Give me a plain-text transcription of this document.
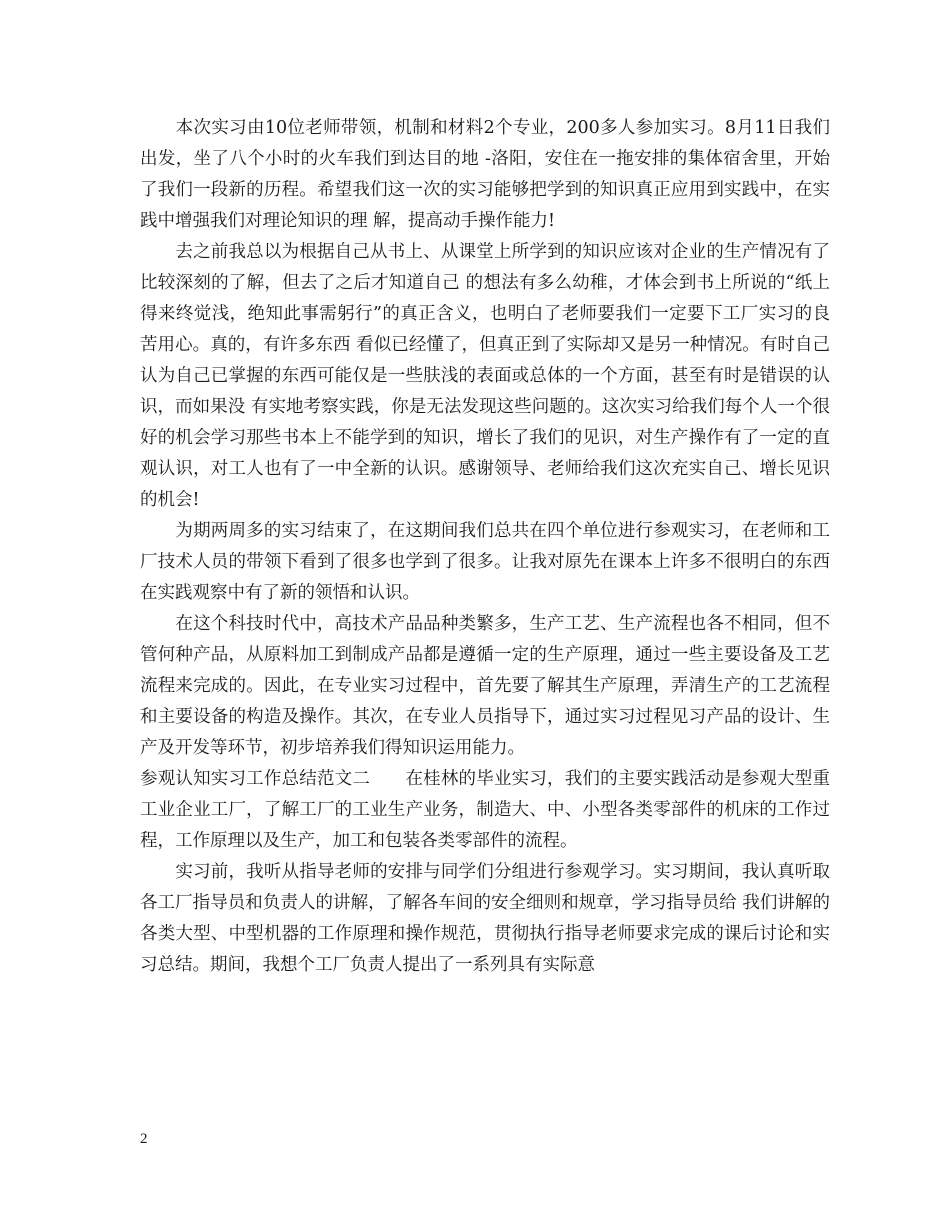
　　本次实习由10位老师带领，机制和材料2个专业，200多人参加实习。8月11日我们出发，坐了八个小时的火车我们到达目的地 -洛阳，安住在一拖安排的集体宿舍里，开始了我们一段新的历程。希望我们这一次的实习能够把学到的知识真正应用到实践中，在实践中增强我们对理论知识的理 解，提高动手操作能力!

　　去之前我总以为根据自己从书上、从课堂上所学到的知识应该对企业的生产情况有了比较深刻的了解，但去了之后才知道自己 的想法有多么幼稚，才体会到书上所说的“纸上得来终觉浅，绝知此事需躬行”的真正含义，也明白了老师要我们一定要下工厂实习的良苦用心。真的，有许多东西 看似已经懂了，但真正到了实际却又是另一种情况。有时自己认为自己已掌握的东西可能仅是一些肤浅的表面或总体的一个方面，甚至有时是错误的认识，而如果没 有实地考察实践，你是无法发现这些问题的。这次实习给我们每个人一个很好的机会学习那些书本上不能学到的知识，增长了我们的见识，对生产操作有了一定的直 观认识，对工人也有了一中全新的认识。感谢领导、老师给我们这次充实自己、增长见识的机会!

　　为期两周多的实习结束了，在这期间我们总共在四个单位进行参观实习，在老师和工厂技术人员的带领下看到了很多也学到了很多。让我对原先在课本上许多不很明白的东西在实践观察中有了新的领悟和认识。

　　在这个科技时代中，高技术产品品种类繁多，生产工艺、生产流程也各不相同，但不管何种产品，从原料加工到制成产品都是遵循一定的生产原理，通过一些主要设备及工艺流程来完成的。因此，在专业实习过程中，首先要了解其生产原理，弄清生产的工艺流程和主要设备的构造及操作。其次，在专业人员指导下，通过实习过程见习产品的设计、生产及开发等环节，初步培养我们得知识运用能力。

参观认知实习工作总结范文二　　在桂林的毕业实习，我们的主要实践活动是参观大型重工业企业工厂，了解工厂的工业生产业务，制造大、中、小型各类零部件的机床的工作过程，工作原理以及生产，加工和包装各类零部件的流程。

　　实习前，我听从指导老师的安排与同学们分组进行参观学习。实习期间，我认真听取各工厂指导员和负责人的讲解，了解各车间的安全细则和规章，学习指导员给 我们讲解的各类大型、中型机器的工作原理和操作规范，贯彻执行指导老师要求完成的课后讨论和实习总结。期间，我想个工厂负责人提出了一系列具有实际意

2
